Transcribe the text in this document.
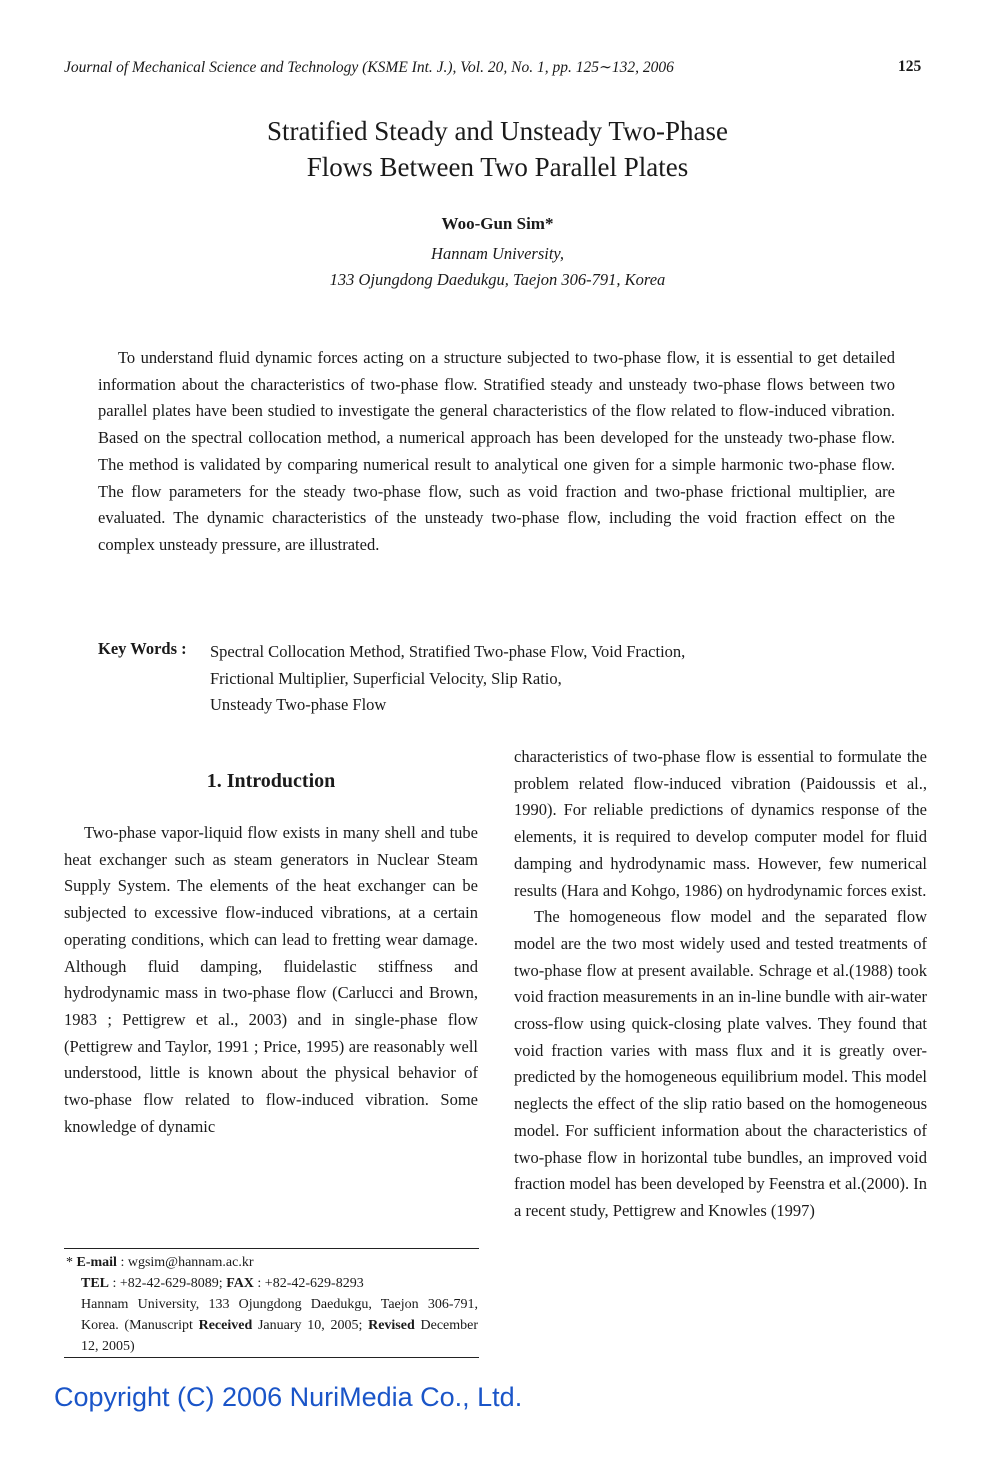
Journal of Mechanical Science and Technology (KSME Int. J.), Vol. 20, No. 1, pp. 125∼132, 2006	125
Stratified Steady and Unsteady Two-Phase
Flows Between Two Parallel Plates
Woo-Gun Sim*
Hannam University,
133 Ojungdong Daedukgu, Taejon 306-791, Korea

To understand fluid dynamic forces acting on a structure subjected to two-phase flow, it is essential to get detailed information about the characteristics of two-phase flow. Stratified steady and unsteady two-phase flows between two parallel plates have been studied to investigate the general characteristics of the flow related to flow-induced vibration. Based on the spectral collocation method, a numerical approach has been developed for the unsteady two-phase flow. The method is validated by comparing numerical result to analytical one given for a simple harmonic two-phase flow. The flow parameters for the steady two-phase flow, such as void fraction and two-phase frictional multiplier, are evaluated. The dynamic characteristics of the unsteady two-phase flow, including the void fraction effect on the complex unsteady pressure, are illustrated.

Key Words : Spectral Collocation Method, Stratified Two-phase Flow, Void Fraction,
Frictional Multiplier, Superficial Velocity, Slip Ratio,
Unsteady Two-phase Flow
1. Introduction

Two-phase vapor-liquid flow exists in many shell and tube heat exchanger such as steam generators in Nuclear Steam Supply System. The elements of the heat exchanger can be subjected to excessive flow-induced vibrations, at a certain operating conditions, which can lead to fretting wear damage. Although fluid damping, fluidelastic stiffness and hydrodynamic mass in two-phase flow (Carlucci and Brown, 1983 ; Pettigrew et al., 2003) and in single-phase flow (Pettigrew and Taylor, 1991 ; Price, 1995) are reasonably well understood, little is known about the physical behavior of two-phase flow related to flow-induced vibration. Some knowledge of dynamic

characteristics of two-phase flow is essential to formulate the problem related flow-induced vibration (Paidoussis et al., 1990). For reliable predictions of dynamics response of the elements, it is required to develop computer model for fluid damping and hydrodynamic mass. However, few numerical results (Hara and Kohgo, 1986) on hydrodynamic forces exist.

The homogeneous flow model and the separated flow model are the two most widely used and tested treatments of two-phase flow at present available. Schrage et al.(1988) took void fraction measurements in an in-line bundle with air-water cross-flow using quick-closing plate valves. They found that void fraction varies with mass flux and it is greatly over-predicted by the homogeneous equilibrium model. This model neglects the effect of the slip ratio based on the homogeneous model. For sufficient information about the characteristics of two-phase flow in horizontal tube bundles, an improved void fraction model has been developed by Feenstra et al.(2000). In a recent study, Pettigrew and Knowles (1997)

* E-mail : wgsim@hannam.ac.kr
TEL : +82-42-629-8089; FAX : +82-42-629-8293
Hannam University, 133 Ojungdong Daedukgu, Taejon 306-791, Korea. (Manuscript Received January 10, 2005; Revised December 12, 2005)
Copyright (C) 2006 NuriMedia Co., Ltd.
